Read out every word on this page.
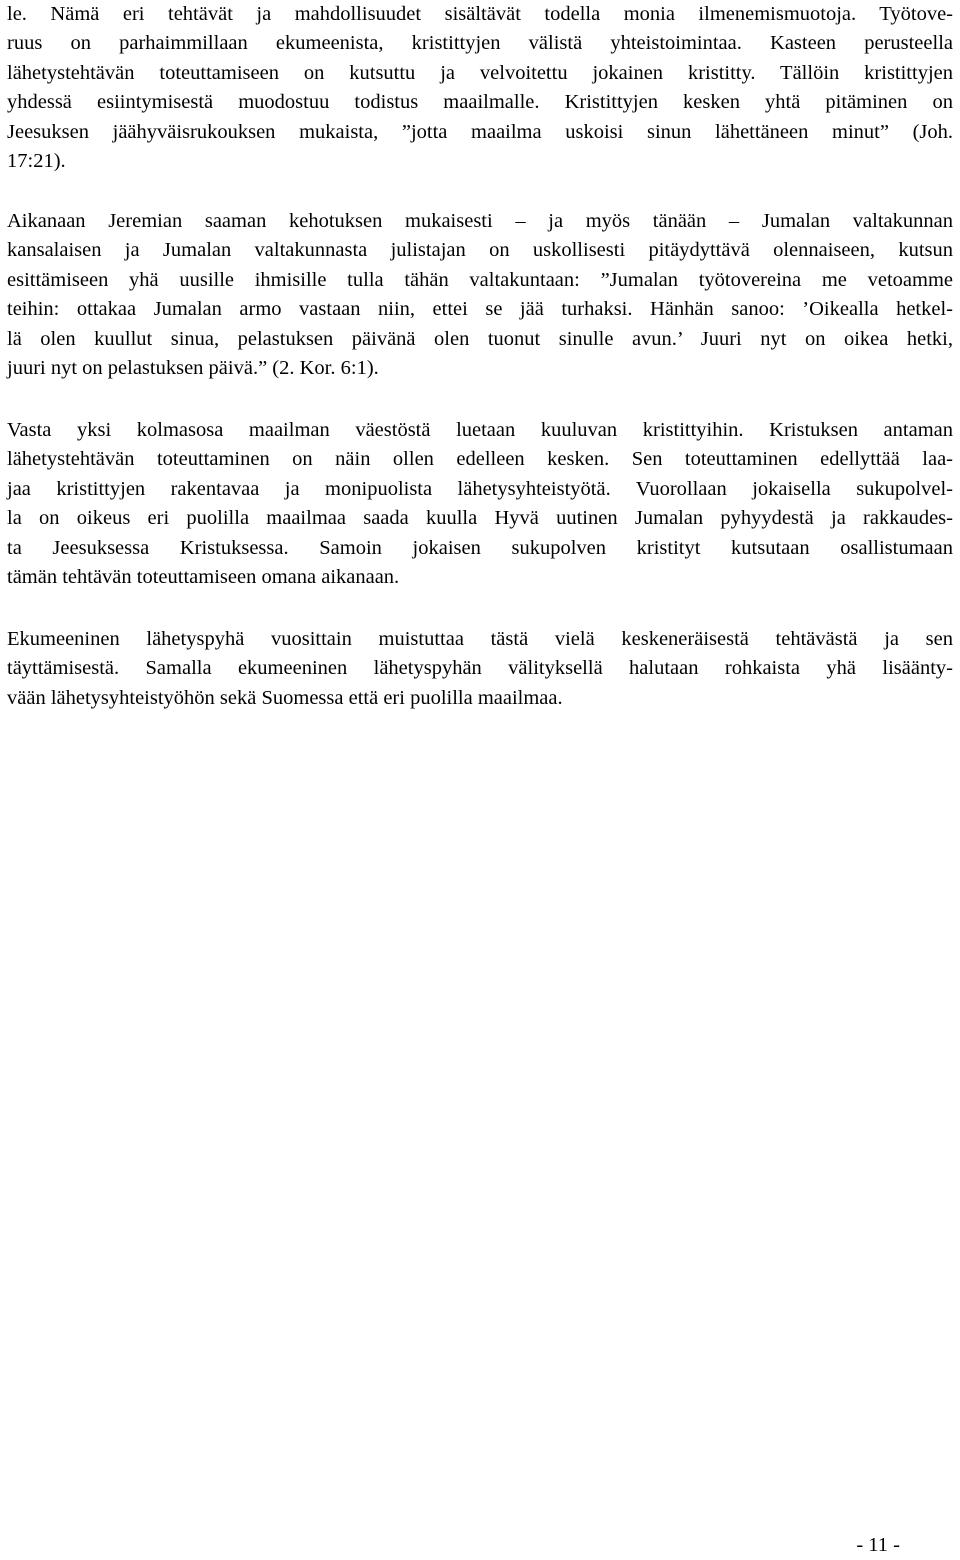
le. Nämä eri tehtävät ja mahdollisuudet sisältävät todella monia ilmenemismuotoja. Työtove-
ruus on parhaimmillaan ekumeenista, kristittyjen välistä yhteistoimintaa. Kasteen perusteella
lähetystehtävän toteuttamiseen on kutsuttu ja velvoitettu jokainen kristitty. Tällöin kristittyjen
yhdessä esiintymisestä muodostuu todistus maailmalle. Kristittyjen kesken yhtä pitäminen on
Jeesuksen jäähyväisrukouksen mukaista, ”jotta maailma uskoisi sinun lähettäneen minut” (Joh.
17:21).
Aikanaan Jeremian saaman kehotuksen mukaisesti – ja myös tänään – Jumalan valtakunnan
kansalaisen ja Jumalan valtakunnasta julistajan on uskollisesti pitäydyttävä olennaiseen, kutsun
esittämiseen yhä uusille ihmisille tulla tähän valtakuntaan: ”Jumalan työtovereina me vetoamme
teihin: ottakaa Jumalan armo vastaan niin, ettei se jää turhaksi. Hänhän sanoo: ’Oikealla hetkel-
lä olen kuullut sinua, pelastuksen päivänä olen tuonut sinulle avun.’ Juuri nyt on oikea hetki,
juuri nyt on pelastuksen päivä.” (2. Kor. 6:1).
Vasta yksi kolmasosa maailman väestöstä luetaan kuuluvan kristittyihin. Kristuksen antaman
lähetystehtävän toteuttaminen on näin ollen edelleen kesken. Sen toteuttaminen edellyttää laa-
jaa kristittyjen rakentavaa ja monipuolista lähetysyhteistyötä. Vuorollaan jokaisella sukupolvel-
la on oikeus eri puolilla maailmaa saada kuulla Hyvä uutinen Jumalan pyhyydestä ja rakkaudes-
ta Jeesuksessa Kristuksessa. Samoin jokaisen sukupolven kristityt kutsutaan osallistumaan
tämän tehtävän toteuttamiseen omana aikanaan.
Ekumeeninen lähetyspyhä vuosittain muistuttaa tästä vielä keskeneräisestä tehtävästä ja sen
täyttämisestä. Samalla ekumeeninen lähetyspyhän välityksellä halutaan rohkaista yhä lisäänty-
vään lähetysyhteistyöhön sekä Suomessa että eri puolilla maailmaa.
- 11 -
